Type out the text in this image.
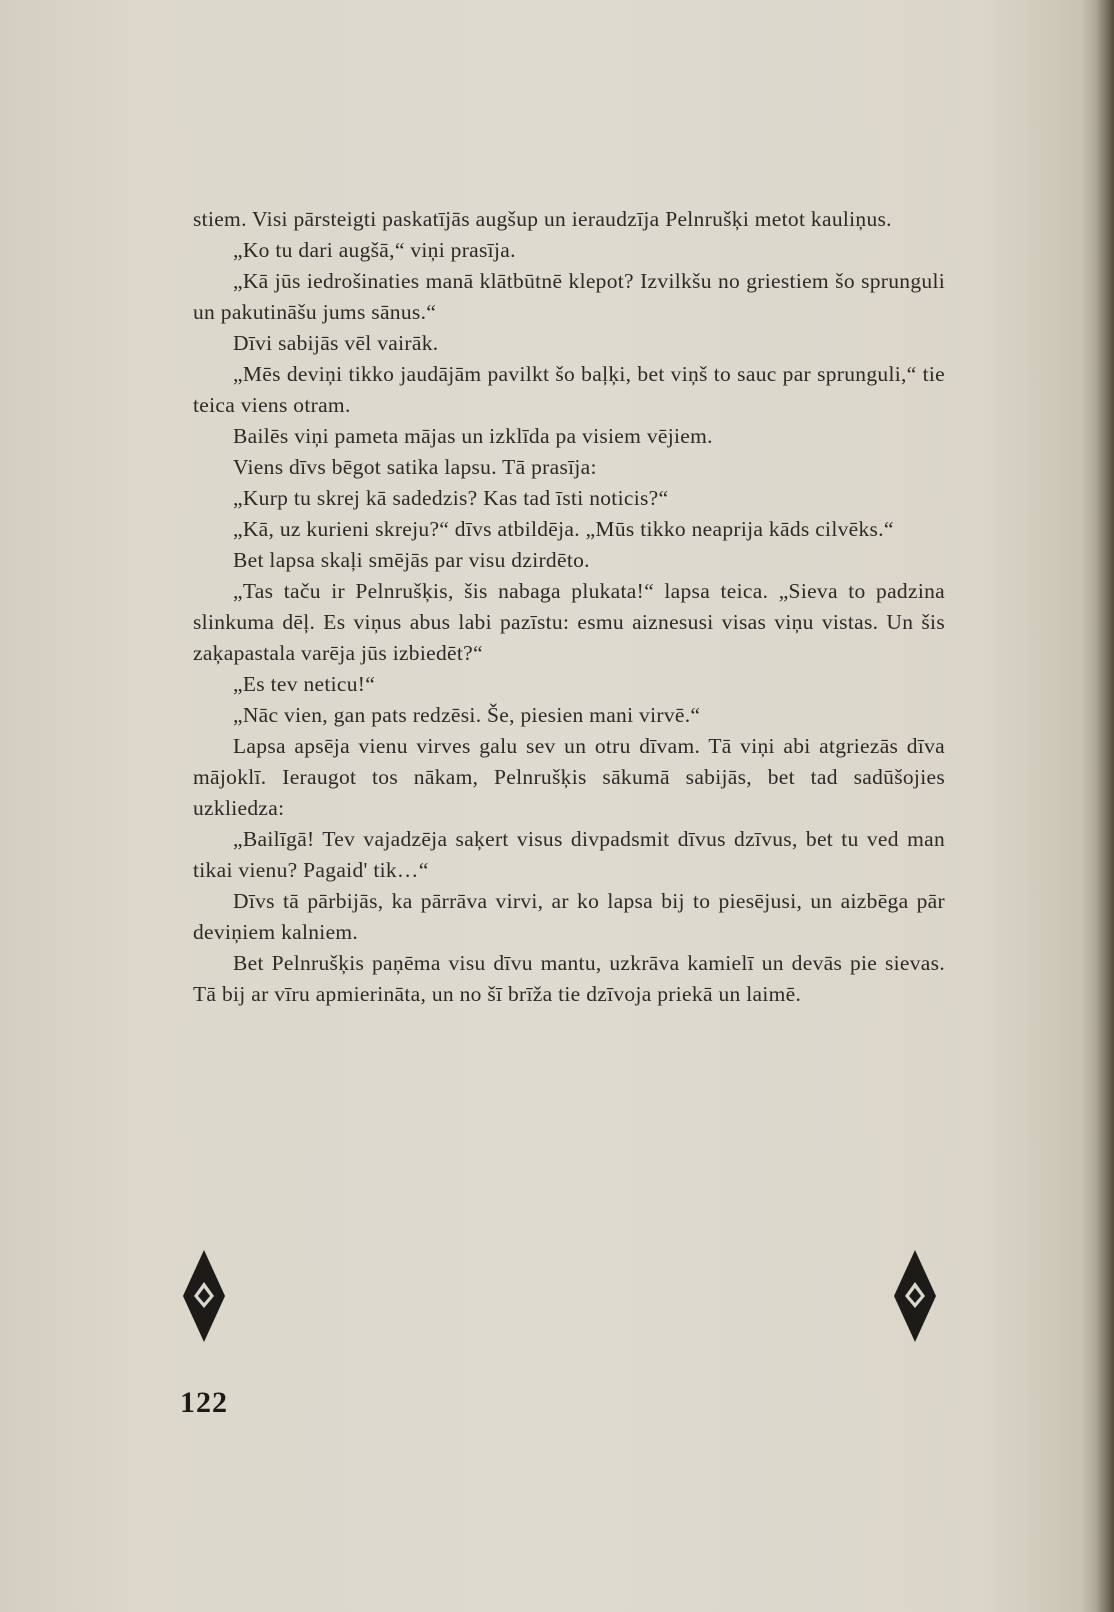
stiem. Visi pārsteigti paskatījās augšup un ieraudzīja Pelnrušķi metot kauliņus.

„Ko tu dari augšā,“ viņi prasīja.

„Kā jūs iedrošinaties manā klātbūtnē klepot? Izvilkšu no griestiem šo sprunguli un pakutināšu jums sānus.“

Dīvi sabijās vēl vairāk.

„Mēs deviņi tikko jaudājām pavilkt šo baļķi, bet viņš to sauc par sprunguli,“ tie teica viens otram.

Bailēs viņi pameta mājas un izklīda pa visiem vējiem.

Viens dīvs bēgot satika lapsu. Tā prasīja:

„Kurp tu skrej kā sadedzis? Kas tad īsti noticis?“

„Kā, uz kurieni skreju?“ dīvs atbildēja. „Mūs tikko neaprija kāds cilvēks.“

Bet lapsa skaļi smējās par visu dzirdēto.

„Tas taču ir Pelnrušķis, šis nabaga plukata!“ lapsa teica. „Sieva to padzina slinkuma dēļ. Es viņus abus labi pazīstu: esmu aiznesusi visas viņu vistas. Un šis zaķapastala varēja jūs izbiedēt?“

„Es tev neticu!“

„Nāc vien, gan pats redzēsi. Še, piesien mani virvē.“

Lapsa apsēja vienu virves galu sev un otru dīvam. Tā viņi abi atgriezās dīva mājoklī. Ieraugot tos nākam, Pelnrušķis sākumā sabijās, bet tad sadūšojies uzkliedza:

„Bailīgā! Tev vajadzēja saķert visus divpadsmit dīvus dzīvus, bet tu ved man tikai vienu? Pagaid' tik…“

Dīvs tā pārbijās, ka pārrāva virvi, ar ko lapsa bij to piesējusi, un aizbēga pār deviņiem kalniem.

Bet Pelnrušķis paņēma visu dīvu mantu, uzkrāva kamielī un devās pie sievas. Tā bij ar vīru apmierināta, un no šī brīža tie dzīvoja priekā un laimē.

122
